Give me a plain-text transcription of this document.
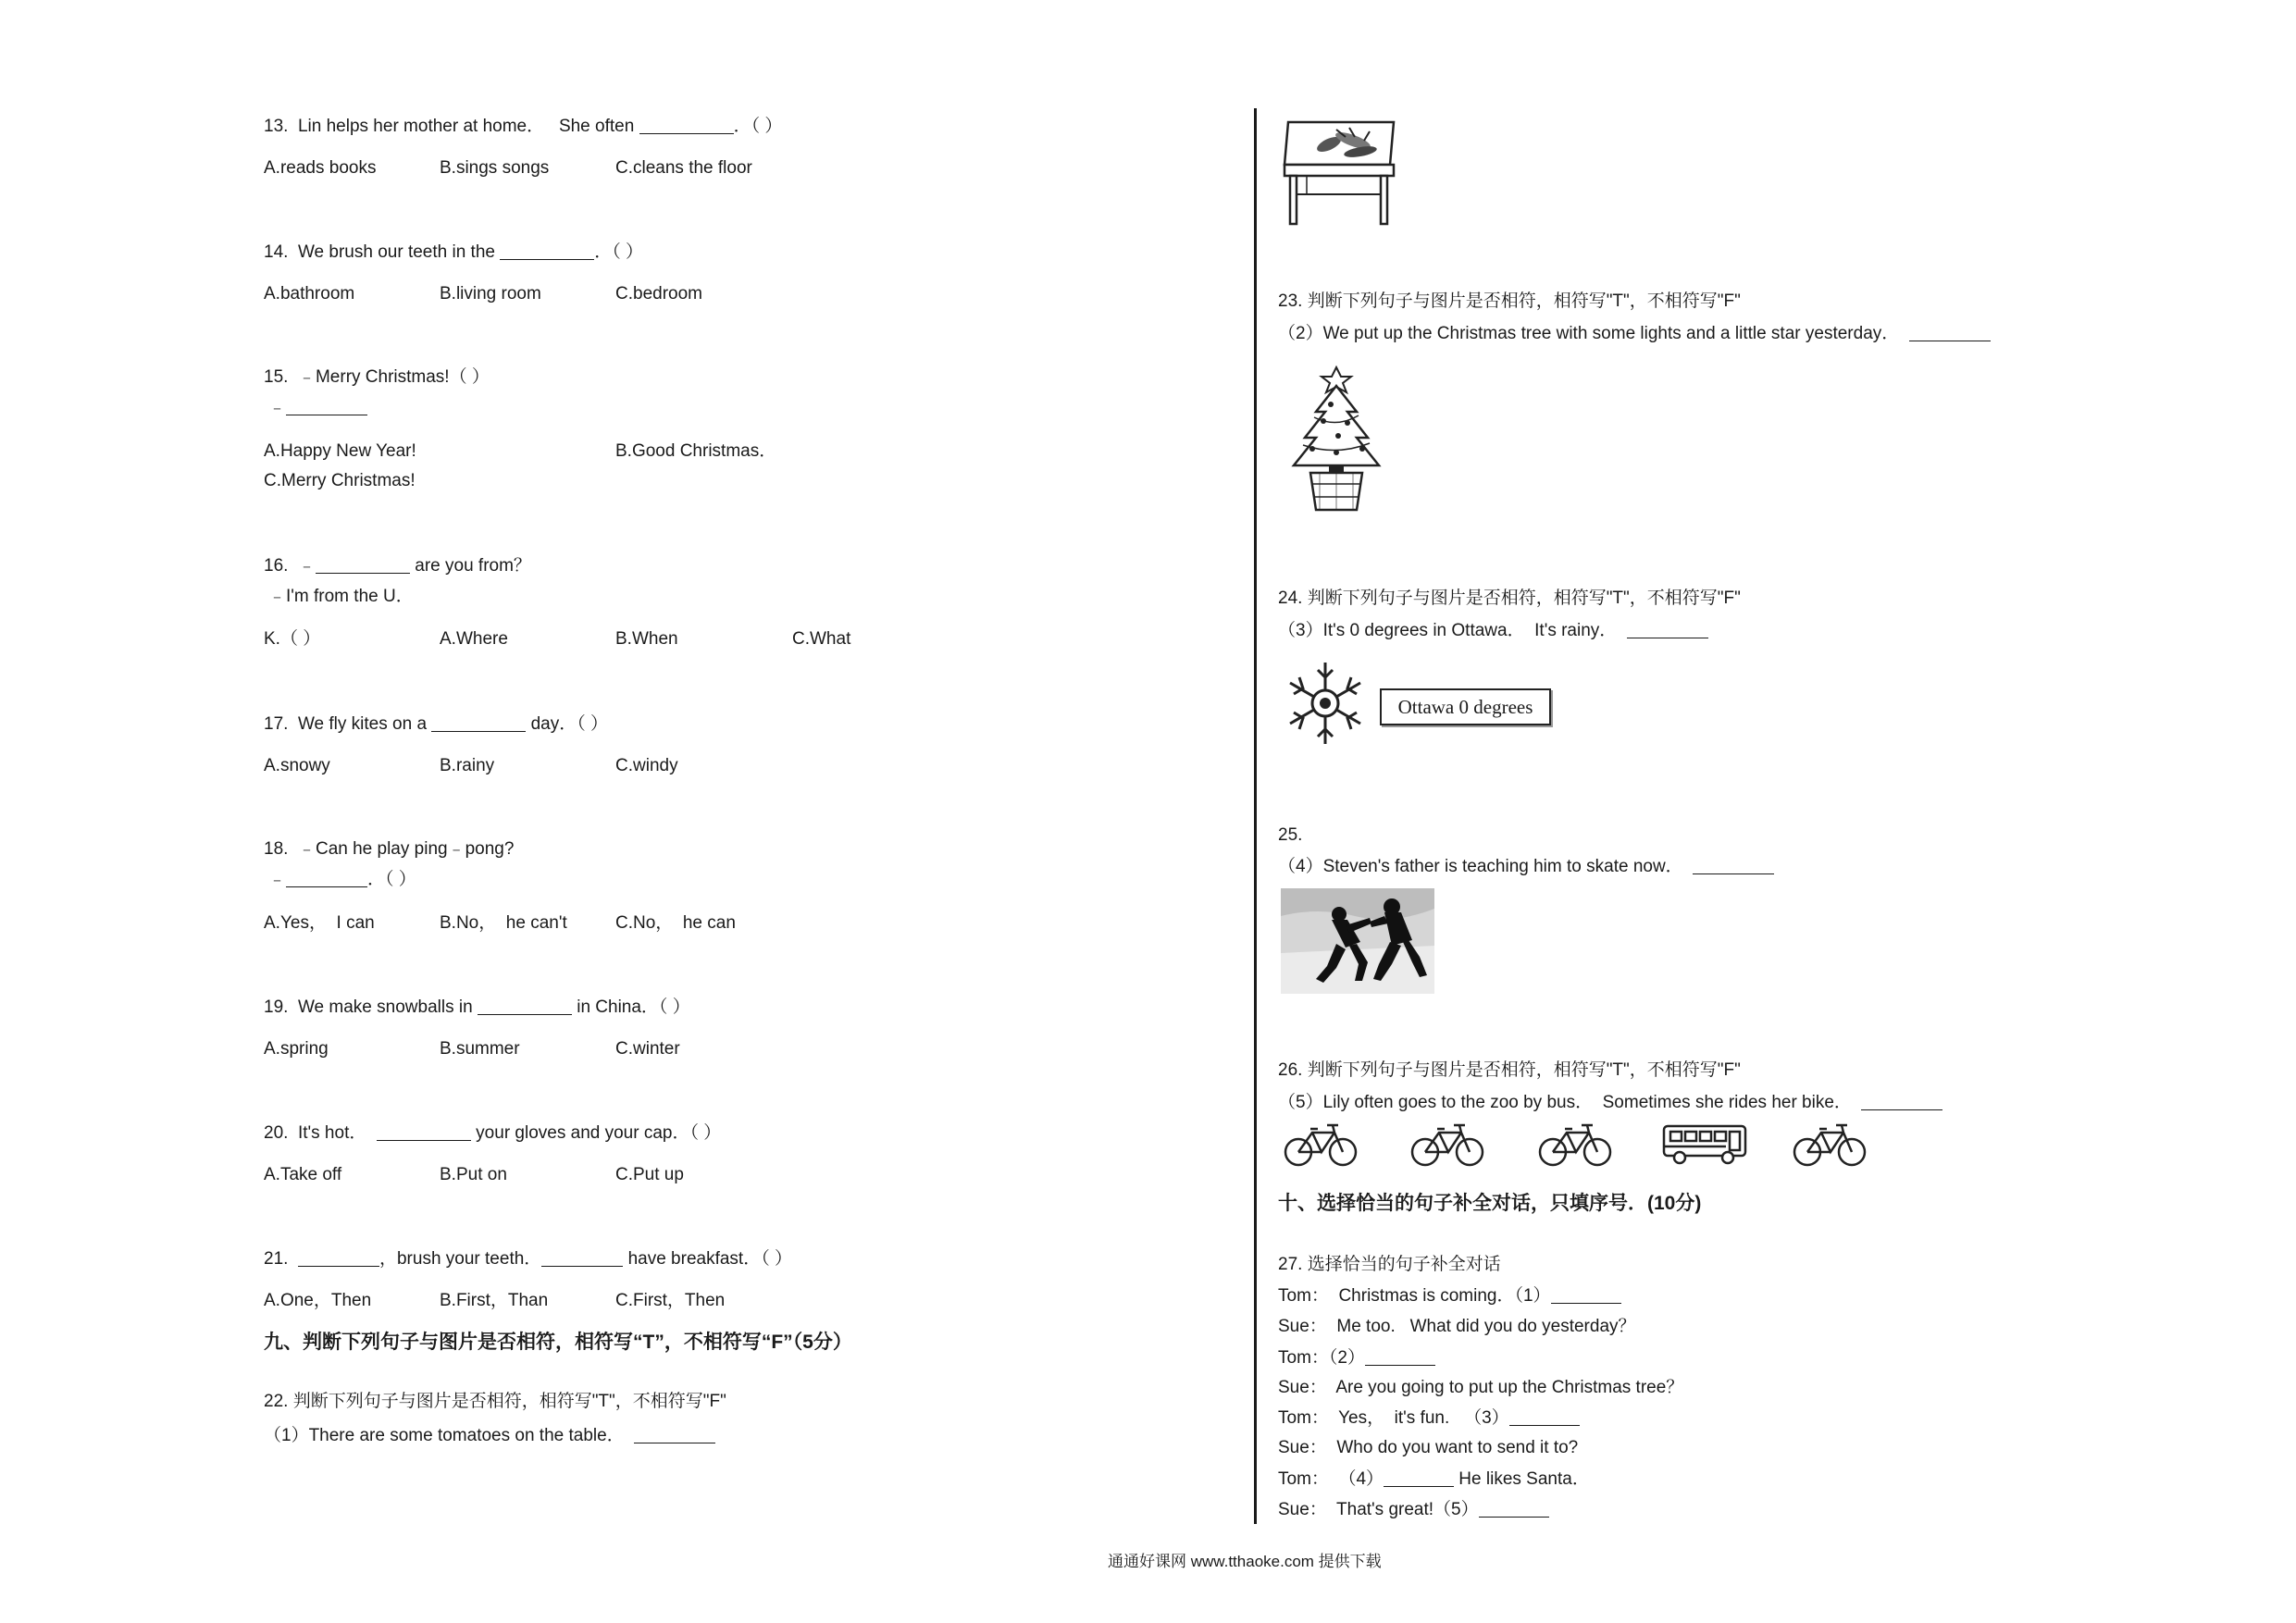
13.  Lin helps her mother at home．   She often	．（ ）
A.reads books	B.sings songs	C.cleans the floor
14.  We brush our teeth in the	．（ ）
A.bathroom	B.living room	C.bedroom
15.  ﹣Merry Christmas!（ ）
﹣
A.Happy New Year!	B.Good Christmas．
C.Merry Christmas!
16.  ﹣	are you from？
﹣I'm from the U．
K.（ ）	A.Where	B.When	C.What
17.  We fly kites on a	day．（ ）
A.snowy	B.rainy	C.windy
18.  ﹣Can he play ping﹣pong?
﹣	．（ ）
A.Yes，  I can	B.No，  he can't	C.No，  he can
19.  We make snowballs in	in China．（ ）
A.spring	B.summer	C.winter
20.  It's hot．	your gloves and your cap．（ ）
A.Take off	B.Put on	C.Put up
21.	，brush your teeth．	have breakfast．（ ）
A.One，Then	B.First，Than	C.First，Then
九、判断下列句子与图片是否相符，相符写“T”，不相符写“F”（5分）
22. 判断下列句子与图片是否相符，相符写"T"，不相符写"F"
（1）There are some tomatoes on the table．
23. 判断下列句子与图片是否相符，相符写"T"，不相符写"F"
（2）We put up the Christmas tree with some lights and a little star yesterday．
24. 判断下列句子与图片是否相符，相符写"T"，不相符写"F"
（3）It's 0 degrees in Ottawa．  It's rainy．
Ottawa 0 degrees
25.
（4）Steven's father is teaching him to skate now．
26. 判断下列句子与图片是否相符，相符写"T"，不相符写"F"
（5）Lily often goes to the zoo by bus．  Sometimes she rides her bike．
十、选择恰当的句子补全对话，只填序号．(10分)
27. 选择恰当的句子补全对话
Tom：  Christmas is coming．（1）
Sue：  Me too.   What did you do yesterday？
Tom：（2）
Sue：  Are you going to put up the Christmas tree？
Tom：  Yes，  it's fun.   （3）
Sue：  Who do you want to send it to?
Tom：  （4）	He likes Santa．
Sue：  That's great!（5）
通通好课网 www.tthaoke.com 提供下载
